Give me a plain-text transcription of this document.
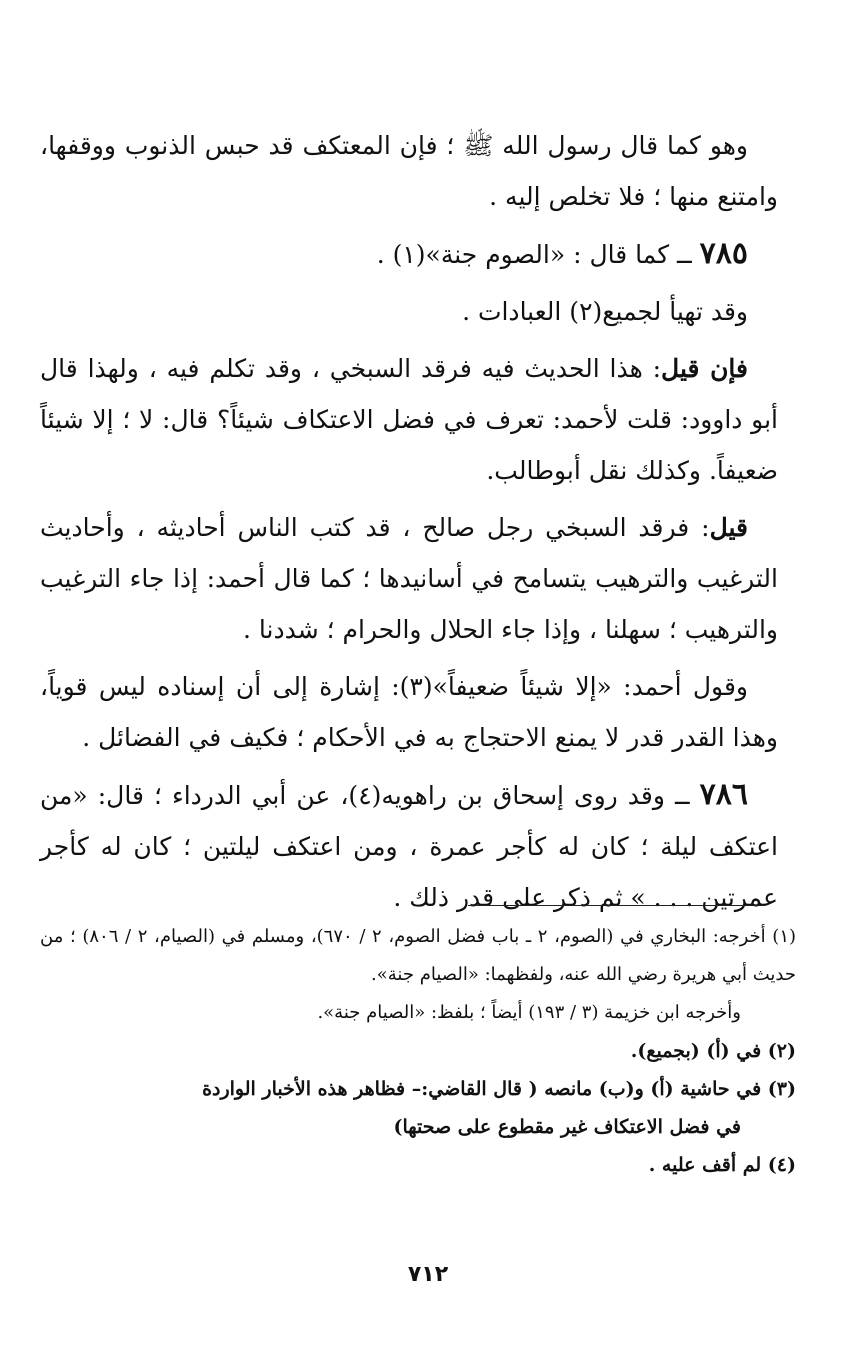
وهو كما قال رسول الله ﷺ ؛ فإن المعتكف قد حبس الذنوب ووقفها، وامتنع منها ؛ فلا تخلص إليه .

٧٨٥ ــ كما قال : «الصوم جنة»(١) .

وقد تهيأ لجميع(٢) العبادات .

فإن قيل: هذا الحديث فيه فرقد السبخي ، وقد تكلم فيه ، ولهذا قال أبو داوود: قلت لأحمد: تعرف في فضل الاعتكاف شيئاً؟ قال: لا ؛ إلا شيئاً ضعيفاً. وكذلك نقل أبوطالب.

قيل: فرقد السبخي رجل صالح ، قد كتب الناس أحاديثه ، وأحاديث الترغيب والترهيب يتسامح في أسانيدها ؛ كما قال أحمد: إذا جاء الترغيب والترهيب ؛ سهلنا ، وإذا جاء الحلال والحرام ؛ شددنا .

وقول أحمد: «إلا شيئاً ضعيفاً»(٣): إشارة إلى أن إسناده ليس قوياً، وهذا القدر قدر لا يمنع الاحتجاج به في الأحكام ؛ فكيف في الفضائل .

٧٨٦ ــ وقد روى إسحاق بن راهويه(٤)، عن أبي الدرداء ؛ قال: «من اعتكف ليلة ؛ كان له كأجر عمرة ، ومن اعتكف ليلتين ؛ كان له كأجر عمرتين . . . » ثم ذكر على قدر ذلك .

(١) أخرجه: البخاري في (الصوم، ٢ ـ باب فضل الصوم، ٢ / ٦٧٠)، ومسلم في (الصيام، ٢ / ٨٠٦) ؛ من حديث أبي هريرة رضي الله عنه، ولفظهما: «الصيام جنة».

وأخرجه ابن خزيمة (٣ / ١٩٣) أيضاً ؛ بلفظ: «الصيام جنة».

(٢) في (أ) (بجميع).

(٣) في حاشية (أ) و(ب) مانصه ( قال القاضي:– فظاهر هذه الأخبار الواردة

في فضل الاعتكاف غير مقطوع على صحتها)

(٤) لم أقف عليه .

٧١٢
